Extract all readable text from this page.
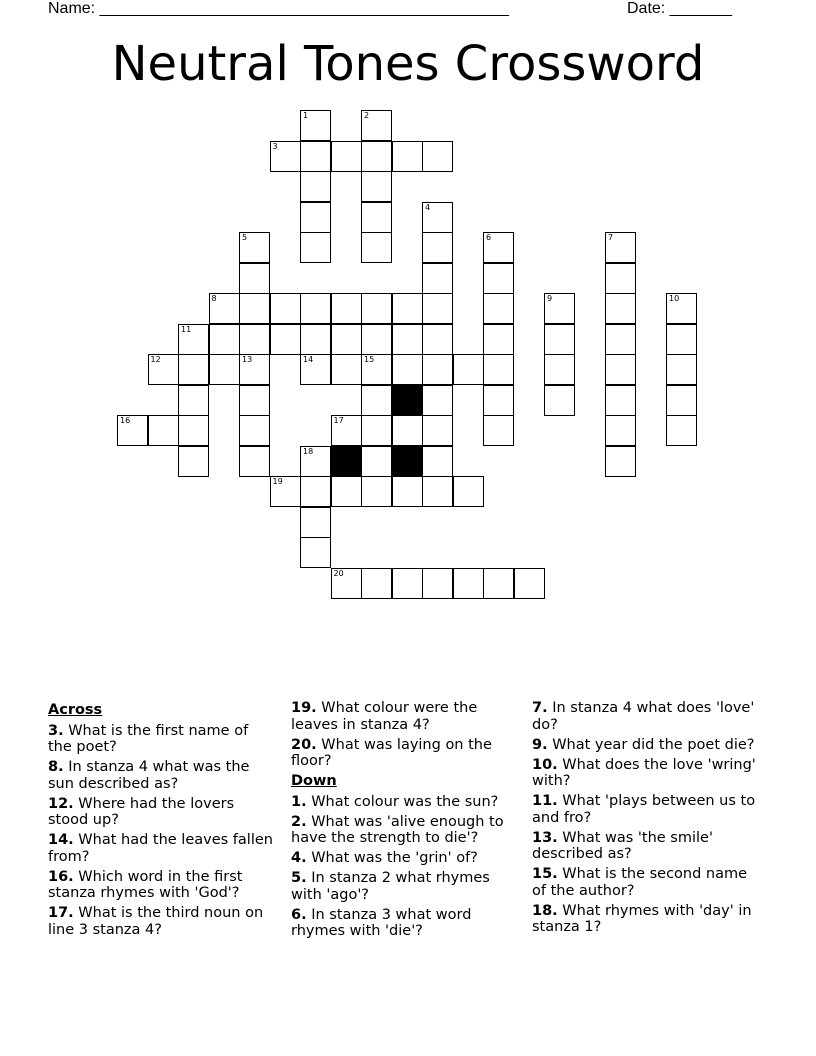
Name: ______________________________________________	Date: _______
Neutral Tones Crossword
1	2
3
4
5	6	7
8	9	10
11
12	13	14	15
16	17
18
19
20
Across
3. What is the first name of the poet?
8. In stanza 4 what was the sun described as?
12. Where had the lovers stood up?
14. What had the leaves fallen from?
16. Which word in the first stanza rhymes with 'God'?
17. What is the third noun on line 3 stanza 4?
19. What colour were the leaves in stanza 4?
20. What was laying on the floor?
Down
1. What colour was the sun?
2. What was 'alive enough to have the strength to die'?
4. What was the 'grin' of?
5. In stanza 2 what rhymes with 'ago'?
6. In stanza 3 what word rhymes with 'die'?
7. In stanza 4 what does 'love' do?
9. What year did the poet die?
10. What does the love 'wring' with?
11. What 'plays between us to and fro?
13. What was 'the smile' described as?
15. What is the second name of the author?
18. What rhymes with 'day' in stanza 1?
